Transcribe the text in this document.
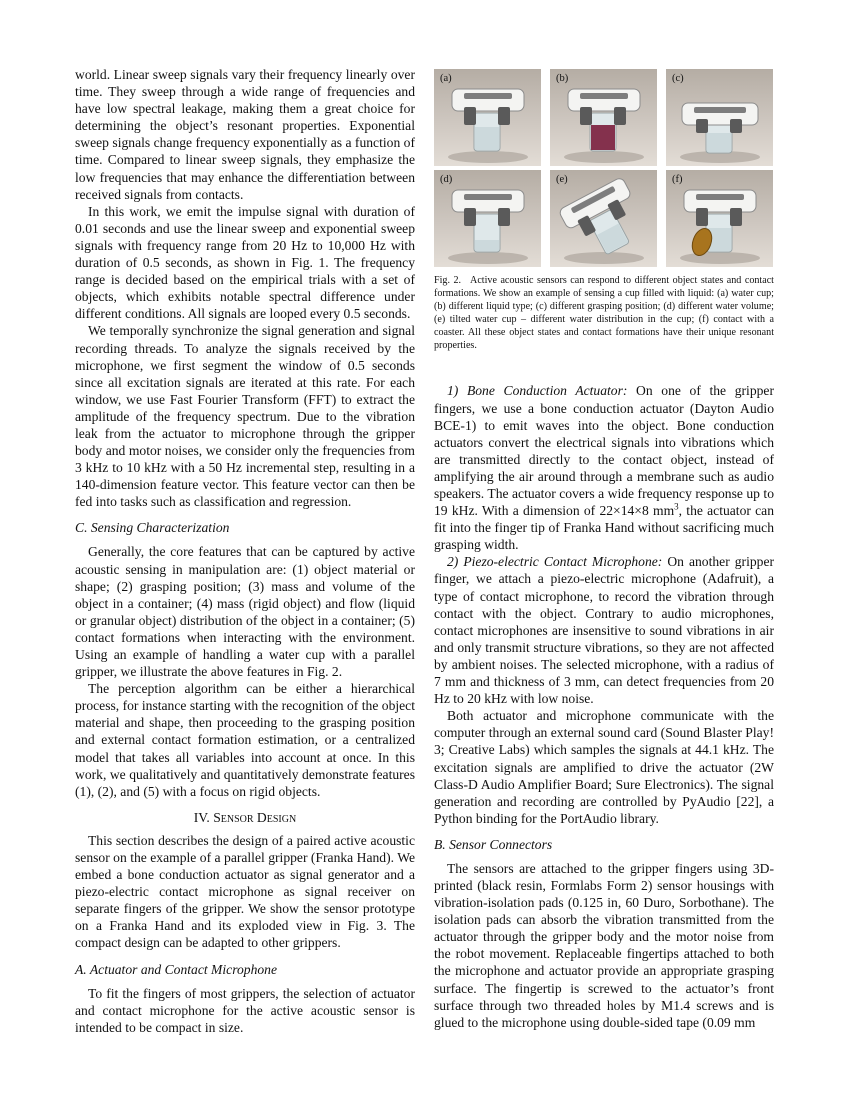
world. Linear sweep signals vary their frequency linearly over time. They sweep through a wide range of frequencies and have low spectral leakage, making them a great choice for determining the object’s resonant properties. Exponential sweep signals change frequency exponentially as a function of time. Compared to linear sweep signals, they emphasize the low frequencies that may enhance the differentiation between received signals from contacts.

In this work, we emit the impulse signal with duration of 0.01 seconds and use the linear sweep and exponential sweep signals with frequency range from 20 Hz to 10,000 Hz with duration of 0.5 seconds, as shown in Fig. 1. The frequency range is decided based on the empirical trials with a set of objects, which exhibits notable spectral difference under different conditions. All signals are looped every 0.5 seconds.

We temporally synchronize the signal generation and signal recording threads. To analyze the signals received by the microphone, we first segment the window of 0.5 seconds since all excitation signals are iterated at this rate. For each window, we use Fast Fourier Transform (FFT) to extract the amplitude of the frequency spectrum. Due to the vibration leak from the actuator to microphone through the gripper body and motor noises, we consider only the frequencies from 3 kHz to 10 kHz with a 50 Hz incremental step, resulting in a 140-dimension feature vector. This feature vector can then be fed into tasks such as classification and regression.

C. Sensing Characterization

Generally, the core features that can be captured by active acoustic sensing in manipulation are: (1) object material or shape; (2) grasping position; (3) mass and volume of the object in a container; (4) mass (rigid object) and flow (liquid or granular object) distribution of the object in a container; (5) contact formations when interacting with the environment. Using an example of handling a water cup with a parallel gripper, we illustrate the above features in Fig. 2.

The perception algorithm can be either a hierarchical process, for instance starting with the recognition of the object material and shape, then proceeding to the grasping position and external contact formation estimation, or a centralized model that takes all variables into account at once. In this work, we qualitatively and quantitatively demonstrate features (1), (2), and (5) with a focus on rigid objects.

IV. Sensor Design

This section describes the design of a paired active acoustic sensor on the example of a parallel gripper (Franka Hand). We embed a bone conduction actuator as signal generator and a piezo-electric contact microphone as signal receiver on separate fingers of the gripper. We show the sensor prototype on a Franka Hand and its exploded view in Fig. 3. The compact design can be adapted to other grippers.

A. Actuator and Contact Microphone

To fit the fingers of most grippers, the selection of actuator and contact microphone for the active acoustic sensor is intended to be compact in size.

(a)	(b)	(c)
(d)	(e)	(f)
Fig. 2. Active acoustic sensors can respond to different object states and contact formations. We show an example of sensing a cup filled with liquid: (a) water cup; (b) different liquid type; (c) different grasping position; (d) different water volume; (e) tilted water cup – different water distribution in the cup; (f) contact with a coaster. All these object states and contact formations have their unique resonant properties.

1) Bone Conduction Actuator: On one of the gripper fingers, we use a bone conduction actuator (Dayton Audio BCE-1) to emit waves into the object. Bone conduction actuators convert the electrical signals into vibrations which are transmitted directly to the contact object, instead of amplifying the air around through a membrane such as audio speakers. The actuator covers a wide frequency response up to 19 kHz. With a dimension of 22×14×8 $mm^3$, the actuator can fit into the finger tip of Franka Hand without sacrificing much grasping width.

2) Piezo-electric Contact Microphone: On another gripper finger, we attach a piezo-electric microphone (Adafruit), a type of contact microphone, to record the vibration through contact with the object. Contrary to audio microphones, contact microphones are insensitive to sound vibrations in air and only transmit structure vibrations, so they are not affected by ambient noises. The selected microphone, with a radius of 7 mm and thickness of 3 mm, can detect frequencies from 20 Hz to 20 kHz with low noise.

Both actuator and microphone communicate with the computer through an external sound card (Sound Blaster Play! 3; Creative Labs) which samples the signals at 44.1 kHz. The excitation signals are amplified to drive the actuator (2W Class-D Audio Amplifier Board; Sure Electronics). The signal generation and recording are controlled by PyAudio [22], a Python binding for the PortAudio library.

B. Sensor Connectors

The sensors are attached to the gripper fingers using 3D-printed (black resin, Formlabs Form 2) sensor housings with vibration-isolation pads (0.125 in, 60 Duro, Sorbothane). The isolation pads can absorb the vibration transmitted from the actuator through the gripper body and the motor noise from the robot movement. Replaceable fingertips attached to both the microphone and actuator provide an appropriate grasping surface. The fingertip is screwed to the actuator’s front surface through two threaded holes by M1.4 screws and is glued to the microphone using double-sided tape (0.09 mm
